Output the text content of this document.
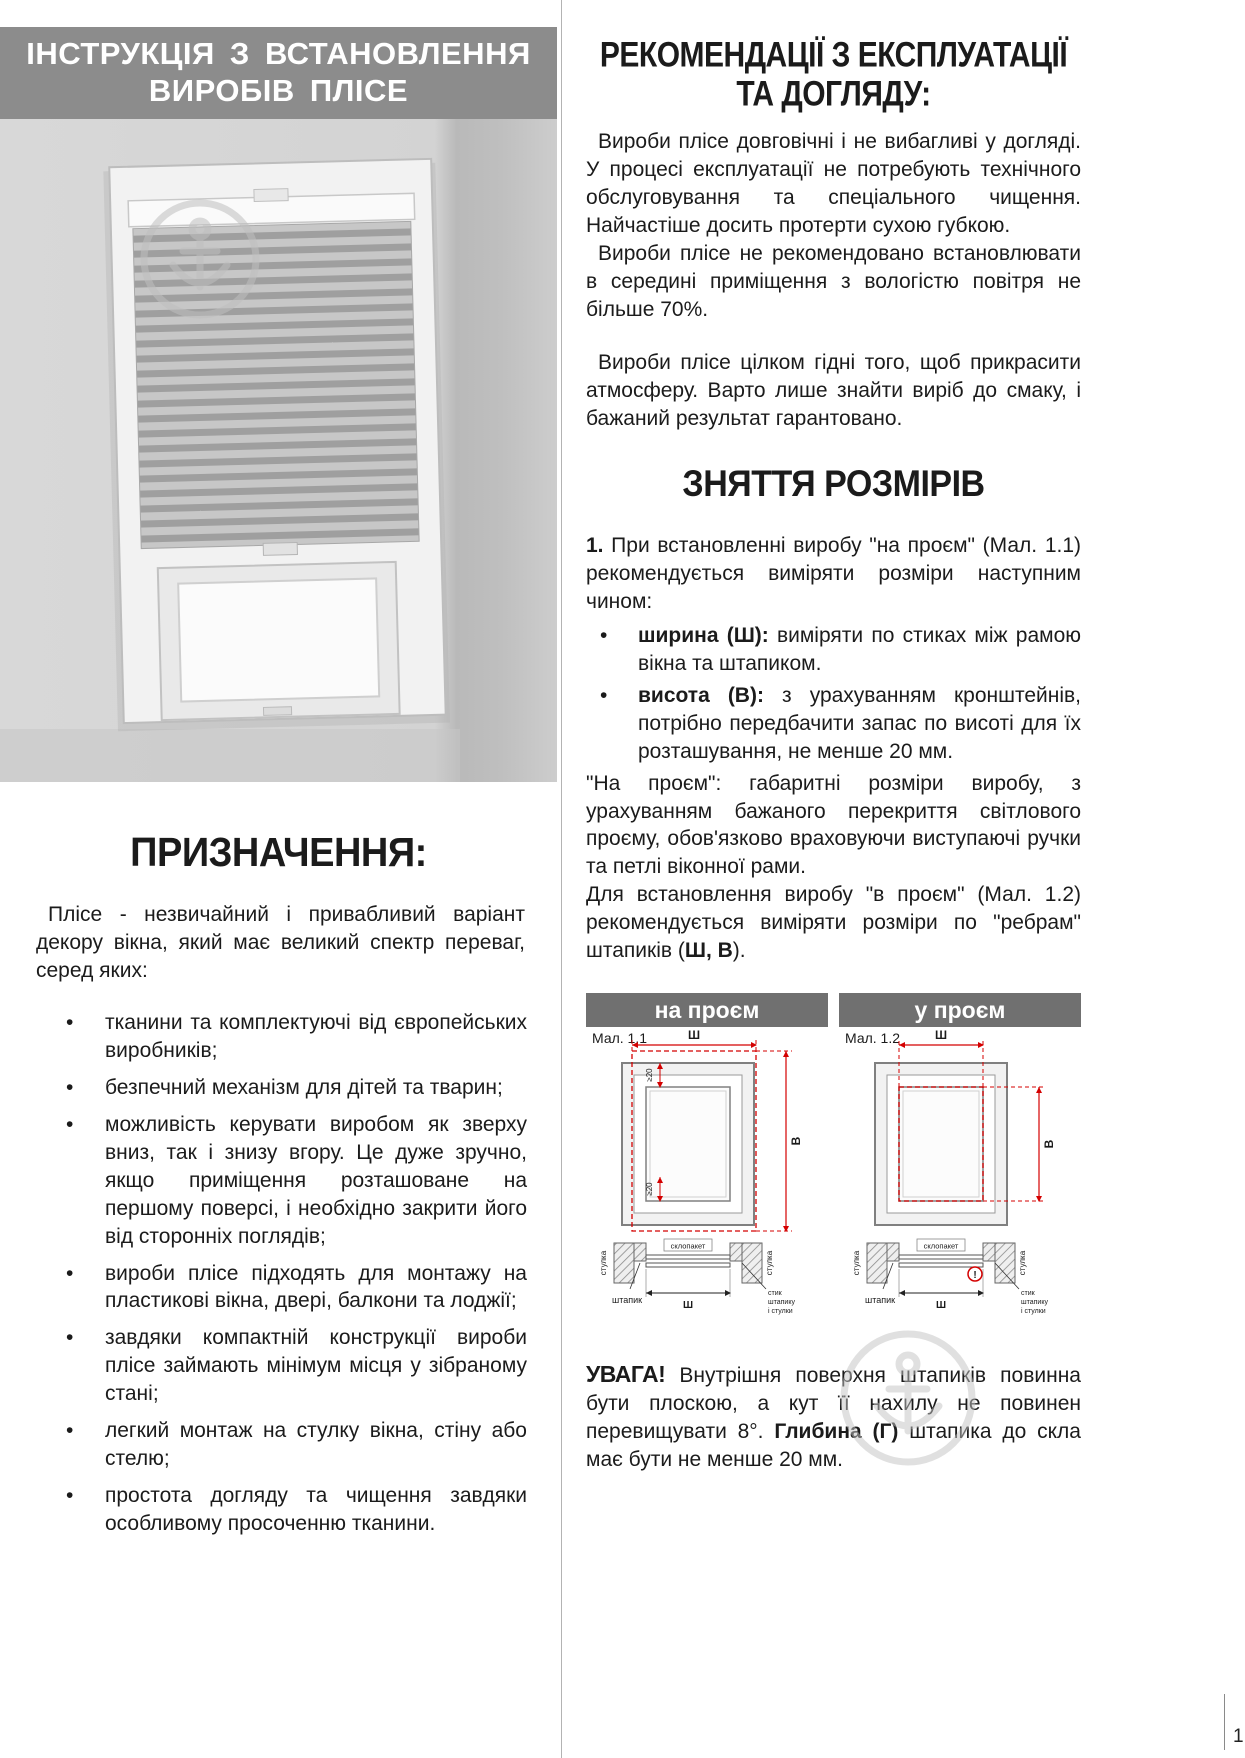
ІНСТРУКЦІЯ З ВСТАНОВЛЕННЯ
ВИРОБІВ ПЛІСЕ
ПРИЗНАЧЕННЯ:

Плісе - незвичайний і привабливий варіант декору вікна, який має великий спектр переваг, серед яких:

• тканини та комплектуючі від європейських виробників;
• безпечний механізм для дітей та тварин;
• можливість керувати виробом як зверху вниз, так і знизу вгору. Це дуже зручно, якщо приміщення розташоване на першому поверсі, і необхідно закрити його від сторонніх поглядів;
• вироби плісе підходять для монтажу на пластикові вікна, двері, балкони та лоджії;
• завдяки компактній конструкції вироби плісе займають мінімум місця у зібраному стані;
• легкий монтаж на стулку вікна, стіну або стелю;
• простота догляду та чищення завдяки особливому просоченню тканини.
РЕКОМЕНДАЦІЇ З ЕКСПЛУАТАЦІЇ
ТА ДОГЛЯДУ:

Вироби плісе довговічні і не вибагливі у догляді. У процесі експлуатації не потребують технічного обслуговування та спеціального чищення. Найчастіше досить протерти сухою губкою.

Вироби плісе не рекомендовано встановлювати в середині приміщення з вологістю повітря не більше 70%.

Вироби плісе цілком гідні того, щоб прикрасити атмосферу. Варто лише знайти виріб до смаку, і бажаний результат гарантовано.

ЗНЯТТЯ РОЗМІРІВ

1. При встановленні виробу "на проєм" (Мал. 1.1) рекомендується виміряти розміри наступним чином:

• ширина (Ш): виміряти по стиках між рамою вікна та штапиком.
• висота (В): з урахуванням кронштейнів, потрібно передбачити запас по висоті для їх розташування, не менше 20 мм.

"На проєм": габаритні розміри виробу, з урахуванням бажаного перекриття світлового проєму, обов'язково враховуючи виступаючі ручки та петлі віконної рами.

Для встановлення виробу "в проєм" (Мал. 1.2) рекомендується виміряти розміри по "ребрам" штапиків (Ш, В).

на проєм
Мал. 1.1	Ш
В
≥20
≥20
склопакет
стулка	стулка
штапик	Ш
стик
штапику
і стулки
у проєм
Мал. 1.2	Ш
В
!
склопакет
стулка	стулка
штапик	Ш
стик
штапику
і стулки

УВАГА! Внутрішня поверхня штапиків повинна бути плоскою, а кут її нахилу не повинен перевищувати 8°. Глибина (Г) штапика до скла має бути не менше 20 мм.

1
